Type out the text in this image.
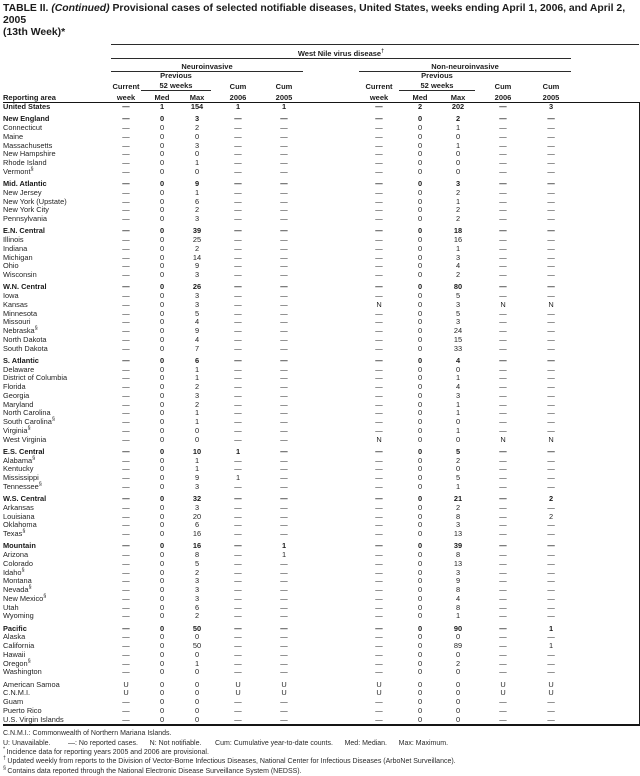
TABLE II. (Continued) Provisional cases of selected notifiable diseases, United States, weeks ending April 1, 2006, and April 2, 2005
(13th Week)*
	West Nile virus disease†	
	Neuroinvasive						Non-neuroinvasive					
		Previous						Previous				
	Current	52 weeks		Cum	Cum		Current	52 weeks		Cum	Cum	
Reporting area	week	Med	Max	2006	2005		week	Med	Max	2006	2005	
United States	—	1	154	1	1		—	2	202	—	3	
New England	—	0	3	—	—		—	0	2	—	—	
Connecticut	—	0	2	—	—		—	0	1	—	—	
Maine	—	0	0	—	—		—	0	0	—	—	
Massachusetts	—	0	3	—	—		—	0	1	—	—	
New Hampshire	—	0	0	—	—		—	0	0	—	—	
Rhode Island	—	0	1	—	—		—	0	0	—	—	
Vermont§	—	0	0	—	—		—	0	0	—	—	
Mid. Atlantic	—	0	9	—	—		—	0	3	—	—	
New Jersey	—	0	1	—	—		—	0	2	—	—	
New York (Upstate)	—	0	6	—	—		—	0	1	—	—	
New York City	—	0	2	—	—		—	0	2	—	—	
Pennsylvania	—	0	3	—	—		—	0	2	—	—	
E.N. Central	—	0	39	—	—		—	0	18	—	—	
Illinois	—	0	25	—	—		—	0	16	—	—	
Indiana	—	0	2	—	—		—	0	1	—	—	
Michigan	—	0	14	—	—		—	0	3	—	—	
Ohio	—	0	9	—	—		—	0	4	—	—	
Wisconsin	—	0	3	—	—		—	0	2	—	—	
W.N. Central	—	0	26	—	—		—	0	80	—	—	
Iowa	—	0	3	—	—		—	0	5	—	—	
Kansas	—	0	3	—	—		N	0	3	N	N	
Minnesota	—	0	5	—	—		—	0	5	—	—	
Missouri	—	0	4	—	—		—	0	3	—	—	
Nebraska§	—	0	9	—	—		—	0	24	—	—	
North Dakota	—	0	4	—	—		—	0	15	—	—	
South Dakota	—	0	7	—	—		—	0	33	—	—	
S. Atlantic	—	0	6	—	—		—	0	4	—	—	
Delaware	—	0	1	—	—		—	0	0	—	—	
District of Columbia	—	0	1	—	—		—	0	1	—	—	
Florida	—	0	2	—	—		—	0	4	—	—	
Georgia	—	0	3	—	—		—	0	3	—	—	
Maryland	—	0	2	—	—		—	0	1	—	—	
North Carolina	—	0	1	—	—		—	0	1	—	—	
South Carolina§	—	0	1	—	—		—	0	0	—	—	
Virginia§	—	0	0	—	—		—	0	1	—	—	
West Virginia	—	0	0	—	—		N	0	0	N	N	
E.S. Central	—	0	10	1	—		—	0	5	—	—	
Alabama§	—	0	1	—	—		—	0	2	—	—	
Kentucky	—	0	1	—	—		—	0	0	—	—	
Mississippi	—	0	9	1	—		—	0	5	—	—	
Tennessee§	—	0	3	—	—		—	0	1	—	—	
W.S. Central	—	0	32	—	—		—	0	21	—	2	
Arkansas	—	0	3	—	—		—	0	2	—	—	
Louisiana	—	0	20	—	—		—	0	8	—	2	
Oklahoma	—	0	6	—	—		—	0	3	—	—	
Texas§	—	0	16	—	—		—	0	13	—	—	
Mountain	—	0	16	—	1		—	0	39	—	—	
Arizona	—	0	8	—	1		—	0	8	—	—	
Colorado	—	0	5	—	—		—	0	13	—	—	
Idaho§	—	0	2	—	—		—	0	3	—	—	
Montana	—	0	3	—	—		—	0	9	—	—	
Nevada§	—	0	3	—	—		—	0	8	—	—	
New Mexico§	—	0	3	—	—		—	0	4	—	—	
Utah	—	0	6	—	—		—	0	8	—	—	
Wyoming	—	0	2	—	—		—	0	1	—	—	
Pacific	—	0	50	—	—		—	0	90	—	1	
Alaska	—	0	0	—	—		—	0	0	—	—	
California	—	0	50	—	—		—	0	89	—	1	
Hawaii	—	0	0	—	—		—	0	0	—	—	
Oregon§	—	0	1	—	—		—	0	2	—	—	
Washington	—	0	0	—	—		—	0	0	—	—	
American Samoa	U	0	0	U	U		U	0	0	U	U	
C.N.M.I.	U	0	0	U	U		U	0	0	U	U	
Guam	—	0	0	—	—		—	0	0	—	—	
Puerto Rico	—	0	0	—	—		—	0	0	—	—	
U.S. Virgin Islands	—	0	0	—	—		—	0	0	—	—	
C.N.M.I.: Commonwealth of Northern Mariana Islands.
U: Unavailable.         —: No reported cases.      N: Not notifiable.       Cum: Cumulative year-to-date counts.      Med: Median.      Max: Maximum.
* Incidence data for reporting years 2005 and 2006 are provisional.
† Updated weekly from reports to the Division of Vector-Borne Infectious Diseases, National Center for Infectious Diseases (ArboNet Surveillance).
§ Contains data reported through the National Electronic Disease Surveillance System (NEDSS).
